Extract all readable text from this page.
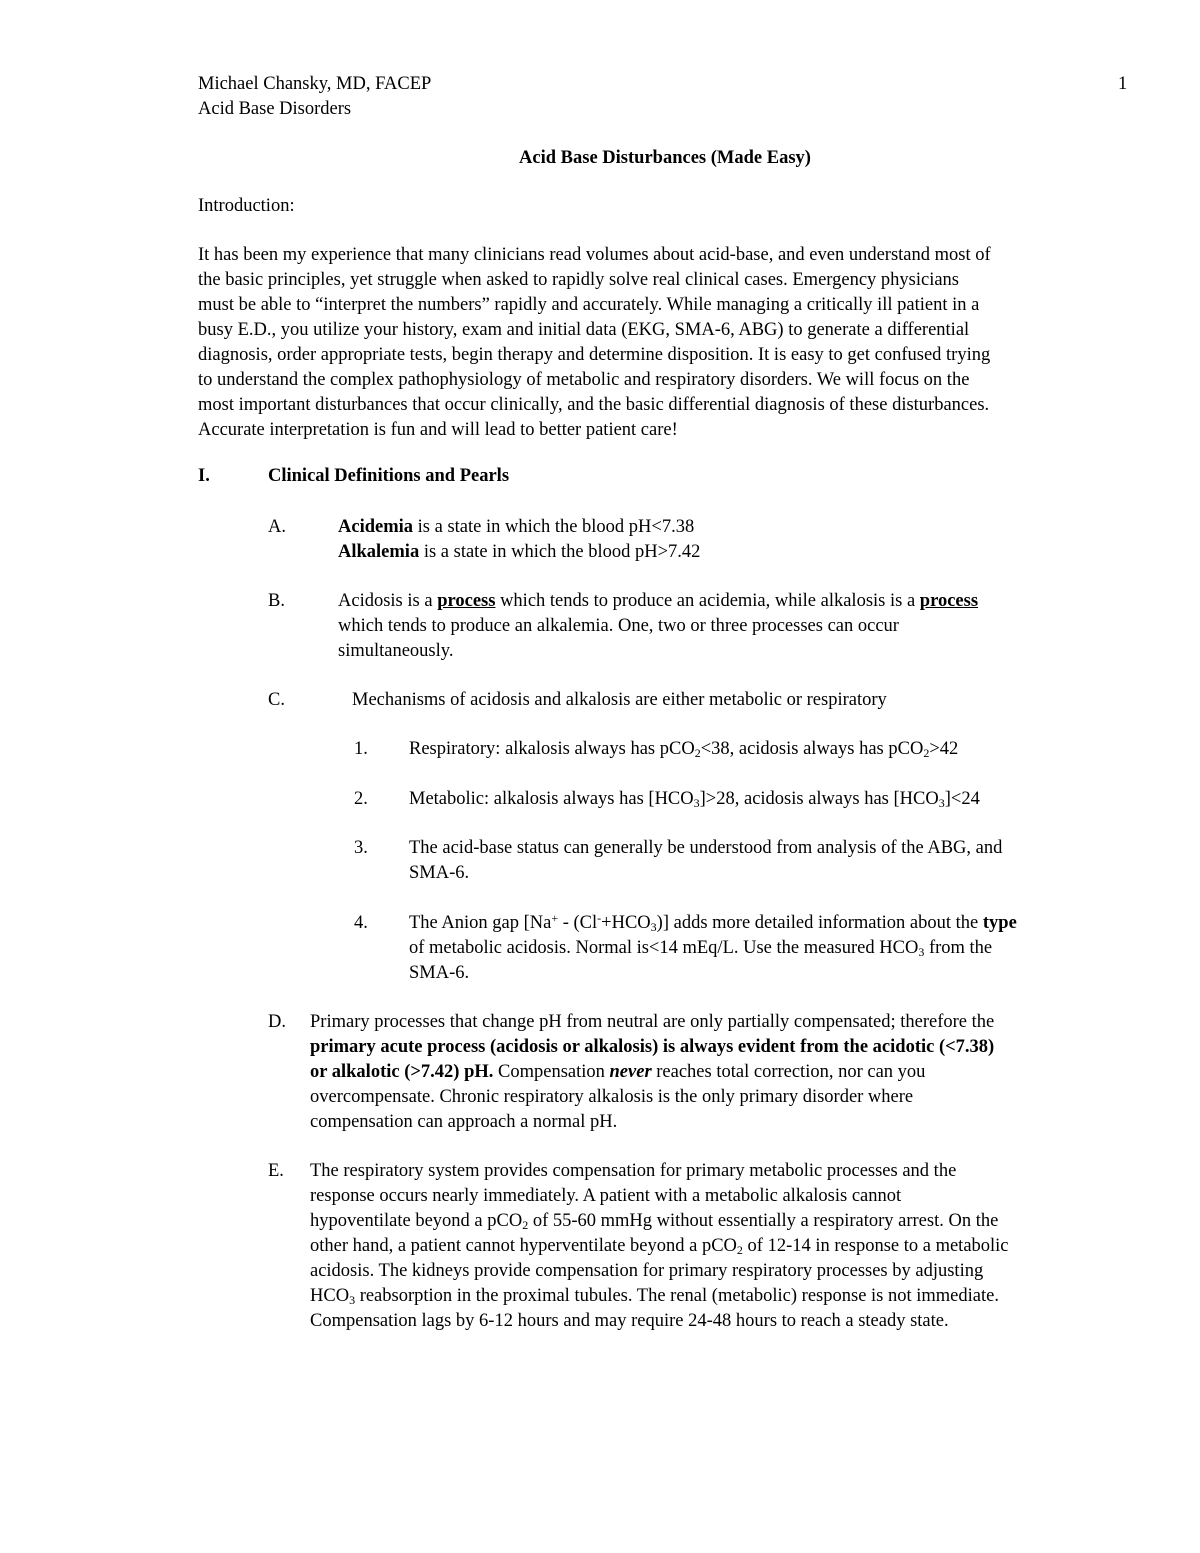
Michael Chansky, MD, FACEP
Acid Base Disorders
1
Acid Base Disturbances (Made Easy)
Introduction:
It has been my experience that many clinicians read volumes about acid-base, and even understand most of
the basic principles, yet struggle when asked to rapidly solve real clinical cases. Emergency physicians
must be able to “interpret the numbers” rapidly and accurately. While managing a critically ill patient in a
busy E.D., you utilize your history, exam and initial data (EKG, SMA-6, ABG) to generate a differential
diagnosis, order appropriate tests, begin therapy and determine disposition. It is easy to get confused trying
to understand the complex pathophysiology of metabolic and respiratory disorders. We will focus on the
most important disturbances that occur clinically, and the basic differential diagnosis of these disturbances.
Accurate interpretation is fun and will lead to better patient care!
I.	Clinical Definitions and Pearls
A.	Acidemia is a state in which the blood pH<7.38
Alkalemia is a state in which the blood pH>7.42
B.	Acidosis is a process which tends to produce an acidemia, while alkalosis is a process
which tends to produce an alkalemia. One, two or three processes can occur
simultaneously.
C.	Mechanisms of acidosis and alkalosis are either metabolic or respiratory
1. Respiratory: alkalosis always has pCO$_2$<38, acidosis always has pCO$_2$>42
2. Metabolic: alkalosis always has $[HCO_3]>28$, acidosis always has $[HCO_3]<24$
3. The acid-base status can generally be understood from analysis of the ABG, and
SMA-6.
4. The Anion gap $[Na^+ - (Cl^-+HCO_3)]$ adds more detailed information about the type
of metabolic acidosis. Normal is<14 mEq/L. Use the measured $HCO_3$ from the
SMA-6.
D. Primary processes that change pH from neutral are only partially compensated; therefore the
primary acute process (acidosis or alkalosis) is always evident from the acidotic (<7.38)
or alkalotic (>7.42) pH. Compensation never reaches total correction, nor can you
overcompensate. Chronic respiratory alkalosis is the only primary disorder where
compensation can approach a normal pH.
E. The respiratory system provides compensation for primary metabolic processes and the
response occurs nearly immediately. A patient with a metabolic alkalosis cannot
hypoventilate beyond a pCO$_2$ of 55-60 mmHg without essentially a respiratory arrest. On the
other hand, a patient cannot hyperventilate beyond a pCO$_2$ of 12-14 in response to a metabolic
acidosis. The kidneys provide compensation for primary respiratory processes by adjusting
$HCO_3$ reabsorption in the proximal tubules. The renal (metabolic) response is not immediate.
Compensation lags by 6-12 hours and may require 24-48 hours to reach a steady state.
